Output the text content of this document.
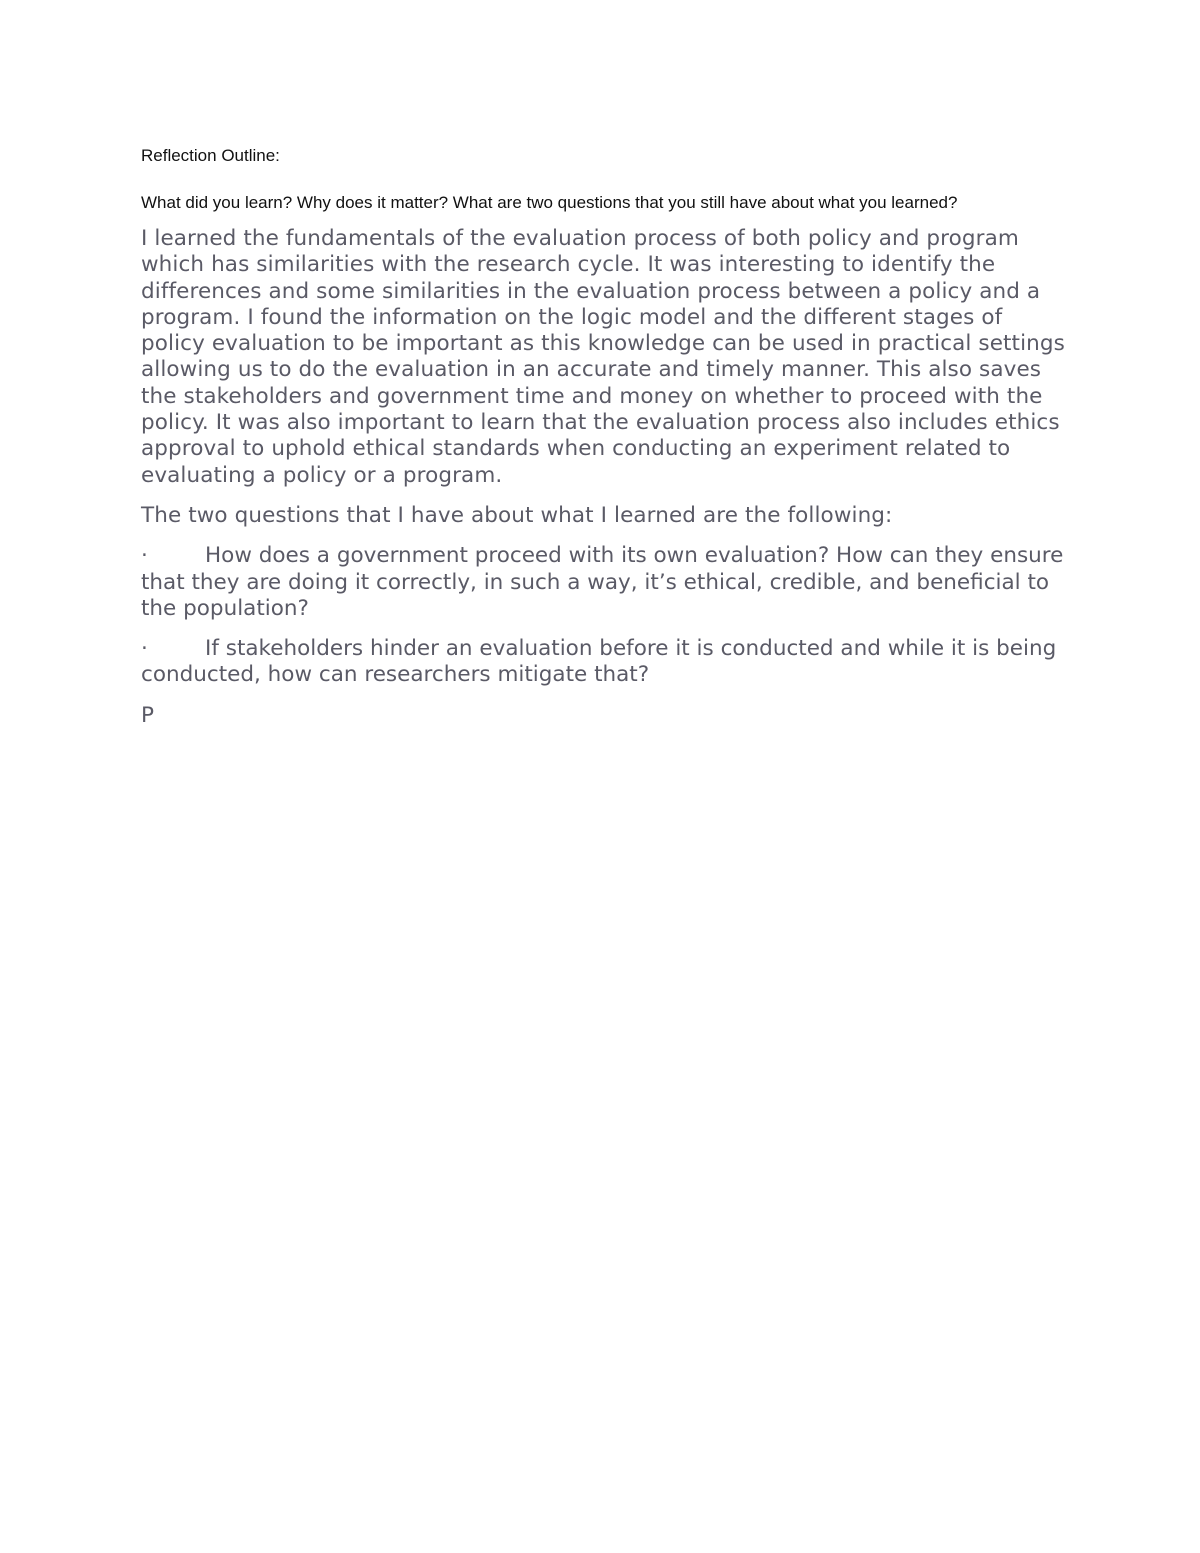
Reflection Outline:

What did you learn? Why does it matter? What are two questions that you still have about what you learned?

I learned the fundamentals of the evaluation process of both policy and program which has similarities with the research cycle. It was interesting to identify the differences and some similarities in the evaluation process between a policy and a program. I found the information on the logic model and the different stages of policy evaluation to be important as this knowledge can be used in practical settings allowing us to do the evaluation in an accurate and timely manner. This also saves the stakeholders and government time and money on whether to proceed with the policy. It was also important to learn that the evaluation process also includes ethics approval to uphold ethical standards when conducting an experiment related to evaluating a policy or a program.

The two questions that I have about what I learned are the following:

·	How does a government proceed with its own evaluation? How can they ensure that they are doing it correctly, in such a way, it’s ethical, credible, and beneficial to the population?

·	If stakeholders hinder an evaluation before it is conducted and while it is being conducted, how can researchers mitigate that?

P
